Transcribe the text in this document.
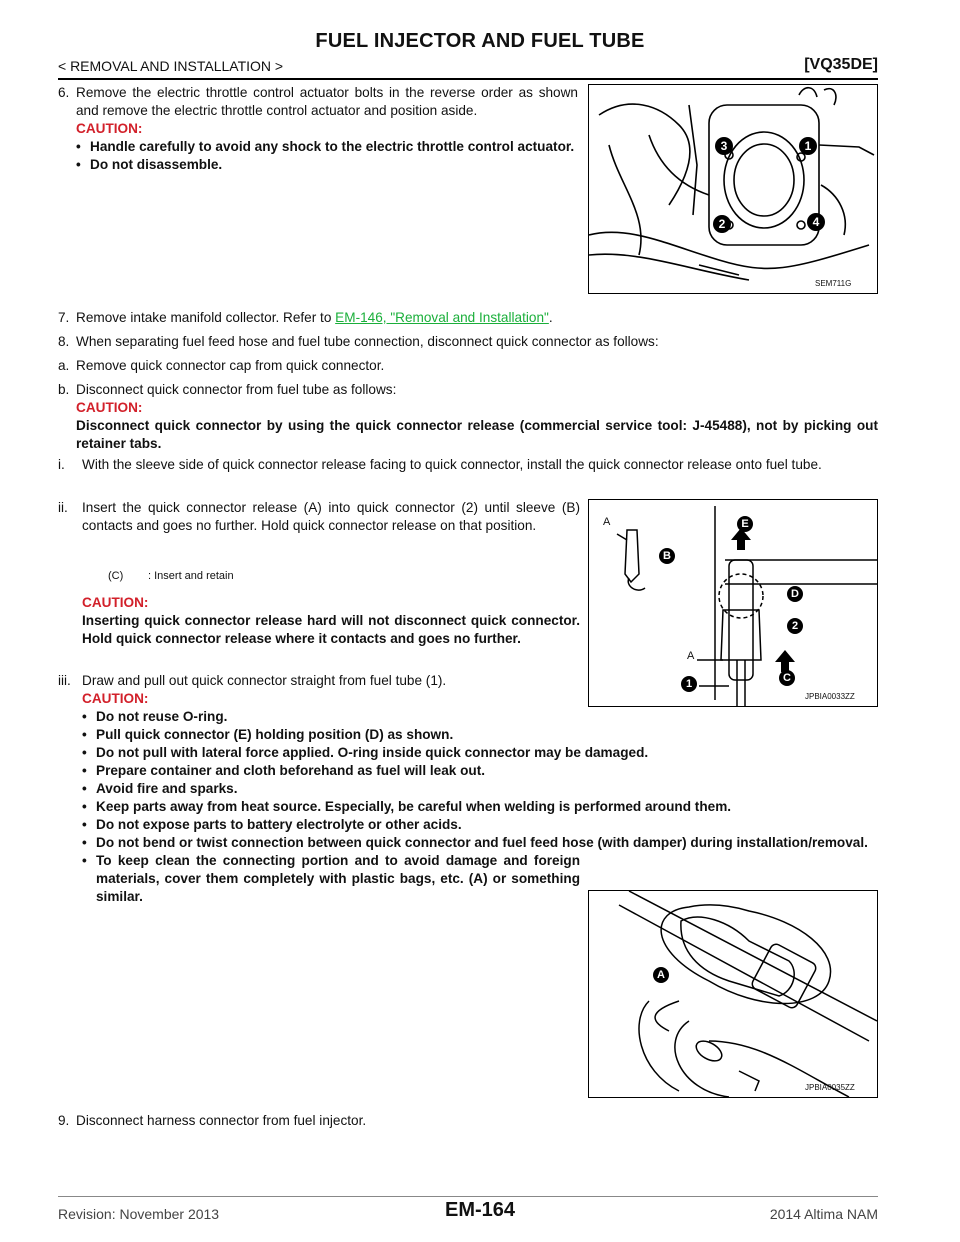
FUEL INJECTOR AND FUEL TUBE
< REMOVAL AND INSTALLATION >	[VQ35DE]
6. Remove the electric throttle control actuator bolts in the reverse order as shown and remove the electric throttle control actuator and position aside.
CAUTION:
• Handle carefully to avoid any shock to the electric throttle control actuator.
• Do not disassemble.
1
2
3
4
SEM711G
7. Remove intake manifold collector. Refer to EM-146, "Removal and Installation".
8. When separating fuel feed hose and fuel tube connection, disconnect quick connector as follows:
a. Remove quick connector cap from quick connector.
b. Disconnect quick connector from fuel tube as follows:
CAUTION:
Disconnect quick connector by using the quick connector release (commercial service tool: J-45488), not by picking out retainer tabs.
i.	With the sleeve side of quick connector release facing to quick connector, install the quick connector release onto fuel tube.
ii.	Insert the quick connector release (A) into quick connector (2) until sleeve (B) contacts and goes no further. Hold quick connector release on that position.
(C) : Insert and retain
CAUTION:
Inserting quick connector release hard will not disconnect quick connector. Hold quick connector release where it contacts and goes no further.
A
B
E
D
2
1	C
A
JPBIA0033ZZ
iii. Draw and pull out quick connector straight from fuel tube (1).
CAUTION:
• Do not reuse O-ring.
• Pull quick connector (E) holding position (D) as shown.
• Do not pull with lateral force applied. O-ring inside quick connector may be damaged.
• Prepare container and cloth beforehand as fuel will leak out.
• Avoid fire and sparks.
• Keep parts away from heat source. Especially, be careful when welding is performed around them.
• Do not expose parts to battery electrolyte or other acids.
• Do not bend or twist connection between quick connector and fuel feed hose (with damper) during installation/removal.
• To keep clean the connecting portion and to avoid damage and foreign materials, cover them completely with plastic bags, etc. (A) or something similar.
A
JPBIA0035ZZ
9. Disconnect harness connector from fuel injector.
Revision: November 2013	EM-164	2014 Altima NAM
